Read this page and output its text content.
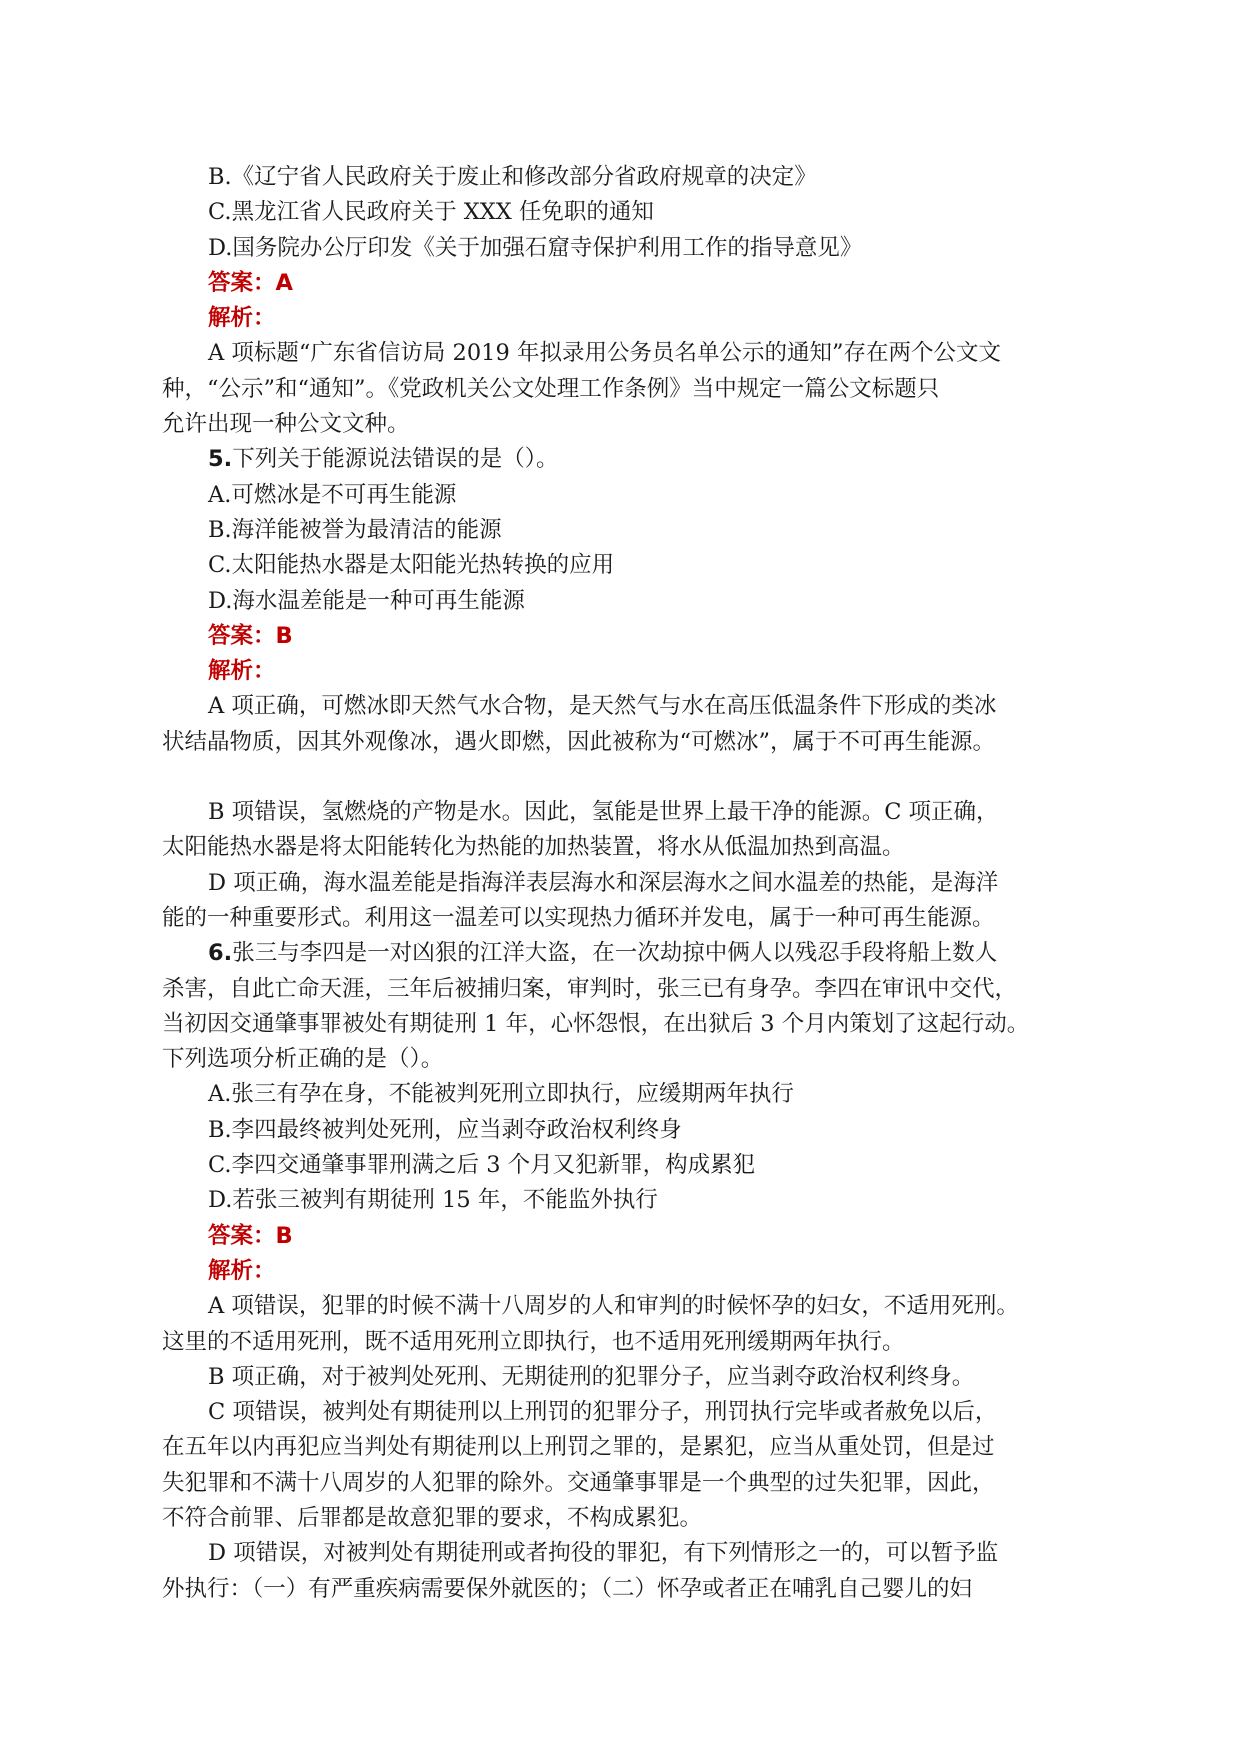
B.《辽宁省人民政府关于废止和修改部分省政府规章的决定》

C.黑龙江省人民政府关于 XXX 任免职的通知

D.国务院办公厅印发《关于加强石窟寺保护利用工作的指导意见》

答案：A

解析：

A 项标题“广东省信访局 2019 年拟录用公务员名单公示的通知”存在两个公文文

种，“公示”和“通知”。《党政机关公文处理工作条例》当中规定一篇公文标题只

允许出现一种公文文种。

5.下列关于能源说法错误的是（）。

A.可燃冰是不可再生能源

B.海洋能被誉为最清洁的能源

C.太阳能热水器是太阳能光热转换的应用

D.海水温差能是一种可再生能源

答案：B

解析：

A 项正确，可燃冰即天然气水合物，是天然气与水在高压低温条件下形成的类冰

状结晶物质，因其外观像冰，遇火即燃，因此被称为“可燃冰”，属于不可再生能源。

B 项错误，氢燃烧的产物是水。因此，氢能是世界上最干净的能源。C 项正确，

太阳能热水器是将太阳能转化为热能的加热装置，将水从低温加热到高温。

D 项正确，海水温差能是指海洋表层海水和深层海水之间水温差的热能，是海洋

能的一种重要形式。利用这一温差可以实现热力循环并发电，属于一种可再生能源。

6.张三与李四是一对凶狠的江洋大盗，在一次劫掠中俩人以残忍手段将船上数人

杀害，自此亡命天涯，三年后被捕归案，审判时，张三已有身孕。李四在审讯中交代，

当初因交通肇事罪被处有期徒刑 1 年，心怀怨恨，在出狱后 3 个月内策划了这起行动。

下列选项分析正确的是（）。

A.张三有孕在身，不能被判死刑立即执行，应缓期两年执行

B.李四最终被判处死刑，应当剥夺政治权利终身

C.李四交通肇事罪刑满之后 3 个月又犯新罪，构成累犯

D.若张三被判有期徒刑 15 年，不能监外执行

答案：B

解析：

A 项错误，犯罪的时候不满十八周岁的人和审判的时候怀孕的妇女，不适用死刑。

这里的不适用死刑，既不适用死刑立即执行，也不适用死刑缓期两年执行。

B 项正确，对于被判处死刑、无期徒刑的犯罪分子，应当剥夺政治权利终身。

C 项错误，被判处有期徒刑以上刑罚的犯罪分子，刑罚执行完毕或者赦免以后，

在五年以内再犯应当判处有期徒刑以上刑罚之罪的，是累犯，应当从重处罚，但是过

失犯罪和不满十八周岁的人犯罪的除外。交通肇事罪是一个典型的过失犯罪，因此，

不符合前罪、后罪都是故意犯罪的要求，不构成累犯。

D 项错误，对被判处有期徒刑或者拘役的罪犯，有下列情形之一的，可以暂予监

外执行：（一）有严重疾病需要保外就医的；（二）怀孕或者正在哺乳自己婴儿的妇
